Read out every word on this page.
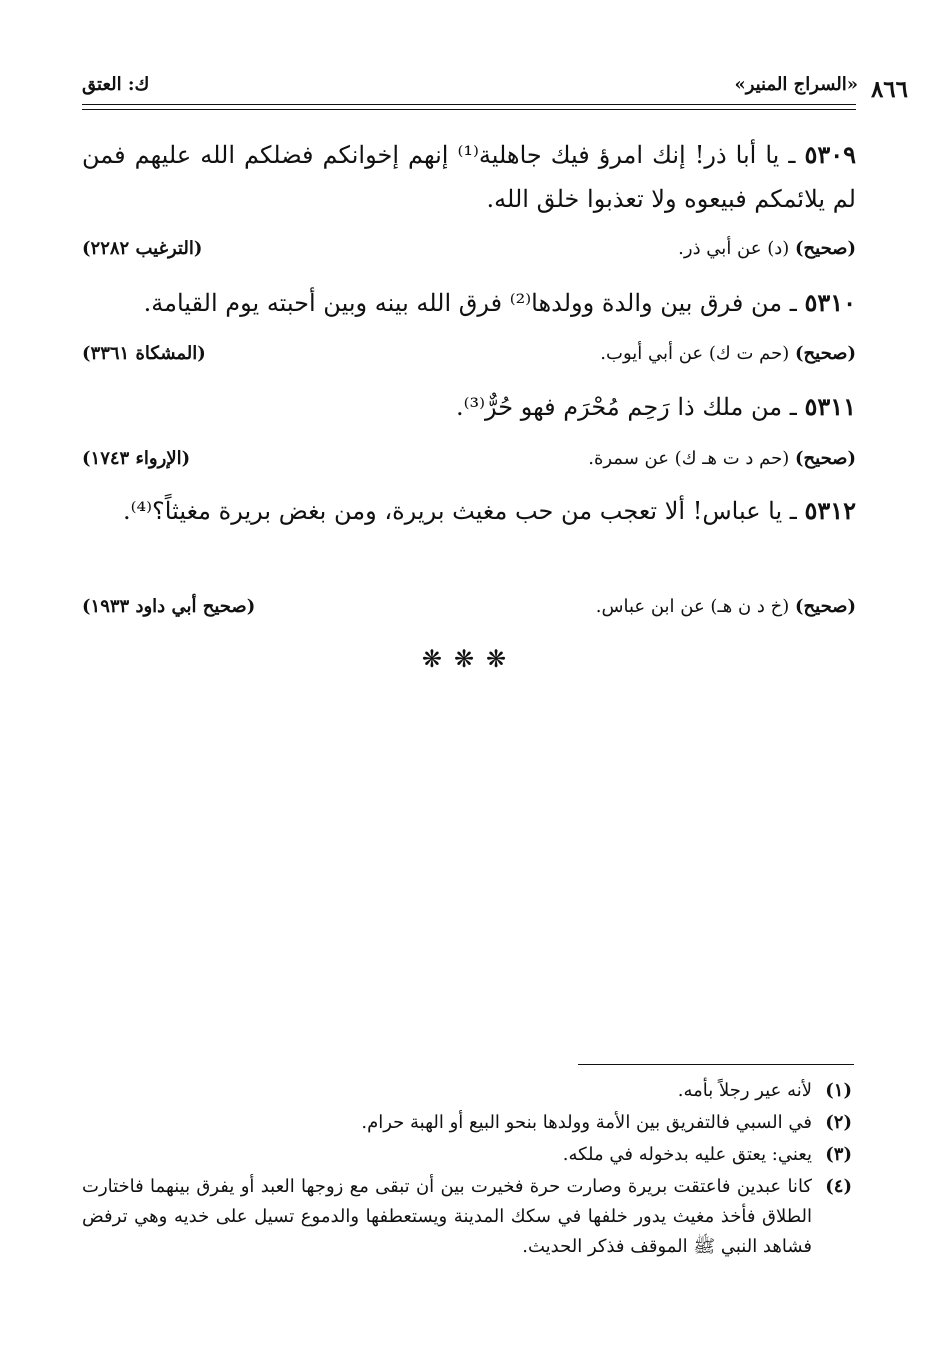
٨٦٦
«السراج المنير»
ك: العتق
٥٣٠٩ ـ يا أبا ذر! إنك امرؤ فيك جاهلية⁽¹⁾ إنهم إخوانكم فضلكم الله عليهم فمن لم يلائمكم فبيعوه ولا تعذبوا خلق الله.
(صحيح) (د) عن أبي ذر.
(الترغيب ٢٢٨٢)
٥٣١٠ ـ من فرق بين والدة وولدها⁽²⁾ فرق الله بينه وبين أحبته يوم القيامة.
(صحيح) (حم ت ك) عن أبي أيوب.
(المشكاة ٣٣٦١)
٥٣١١ ـ من ملك ذا رَحِم مُحْرَم فهو حُرٌّ⁽³⁾.
(صحيح) (حم د ت هـ ك) عن سمرة.
(الإرواء ١٧٤٣)
٥٣١٢ ـ يا عباس! ألا تعجب من حب مغيث بريرة، ومن بغض بريرة مغيثاً؟⁽⁴⁾.
(صحيح) (خ د ن هـ) عن ابن عباس.
(صحيح أبي داود ١٩٣٣)
❋❋❋
(١)
لأنه عير رجلاً بأمه.
(٢)
في السبي فالتفريق بين الأمة وولدها بنحو البيع أو الهبة حرام.
(٣)
يعني: يعتق عليه بدخوله في ملكه.
(٤)
كانا عبدين فاعتقت بريرة وصارت حرة فخيرت بين أن تبقى مع زوجها العبد أو يفرق بينهما فاختارت الطلاق فأخذ مغيث يدور خلفها في سكك المدينة ويستعطفها والدموع تسيل على خديه وهي ترفض فشاهد النبي ﷺ الموقف فذكر الحديث.
